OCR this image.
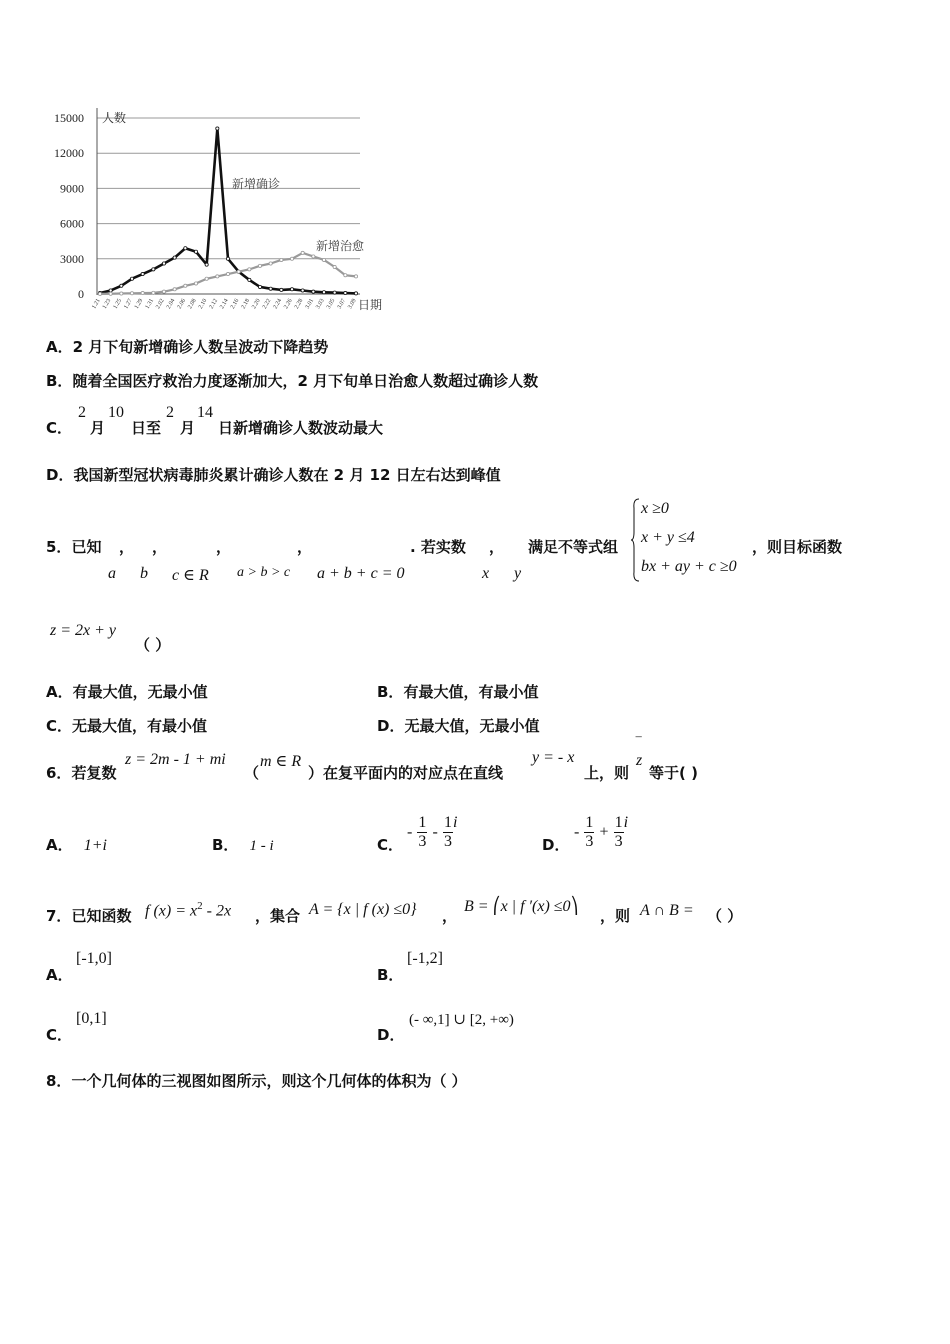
15000
12000
9000
6000
3000
0
1.21 1.23 1.25 1.27 1.29 1.31 2.02 2.04 2.06 2.08 2.10 2.12 2.14 2.16 2.18 2.20 2.22 2.24 2.26 2.28 3.01 3.03 3.05 3.07 3.09
人数
日期
新增确诊
新增治愈
A．2 月下旬新增确诊人数呈波动下降趋势
B．随着全国医疗救治力度逐渐加大，2 月下旬单日治愈人数超过确诊人数
C．
2
月
10
日至
2
月
14
日新增确诊人数波动最大
D．我国新型冠状病毒肺炎累计确诊人数在 2 月 12 日左右达到峰值
5．已知 ， ，	，	，	. 若实数 ， 满足不等式组	，则目标函数
a b c ∈ R a > b > c a + b + c = 0	x y
x ≥0
x + y ≤4
bx + ay + c ≥0
z = 2x + y
（ ）
A．有最大值，无最小值	B．有最大值，有最小值
C．无最大值，有最小值	D．无最大值，无最小值
6．若复数
z = 2m - 1 + mi
（
m ∈ R
）在复平面内的对应点在直线
y = - x
上，则
‾
z
等于( )
A． 1+i	B． 1 - i	C．
- $\frac{1}{3} - \frac{1}{3}$ i
D．
- $\frac{1}{3} + \frac{1}{3}$ i
7．已知函数 f $(x) = x^2 - 2x$ ，集合 A = {x | f (x) ≤0} ，
B = ⎛x | f ′(x) ≤0⎞
，则 A ∩ B = （ ）
A．
[-1,0]
B．
[-1,2]
C．
[0,1]
D．
(- ∞,1] ∪ [2, +∞)
8．一个几何体的三视图如图所示，则这个几何体的体积为（ ）
